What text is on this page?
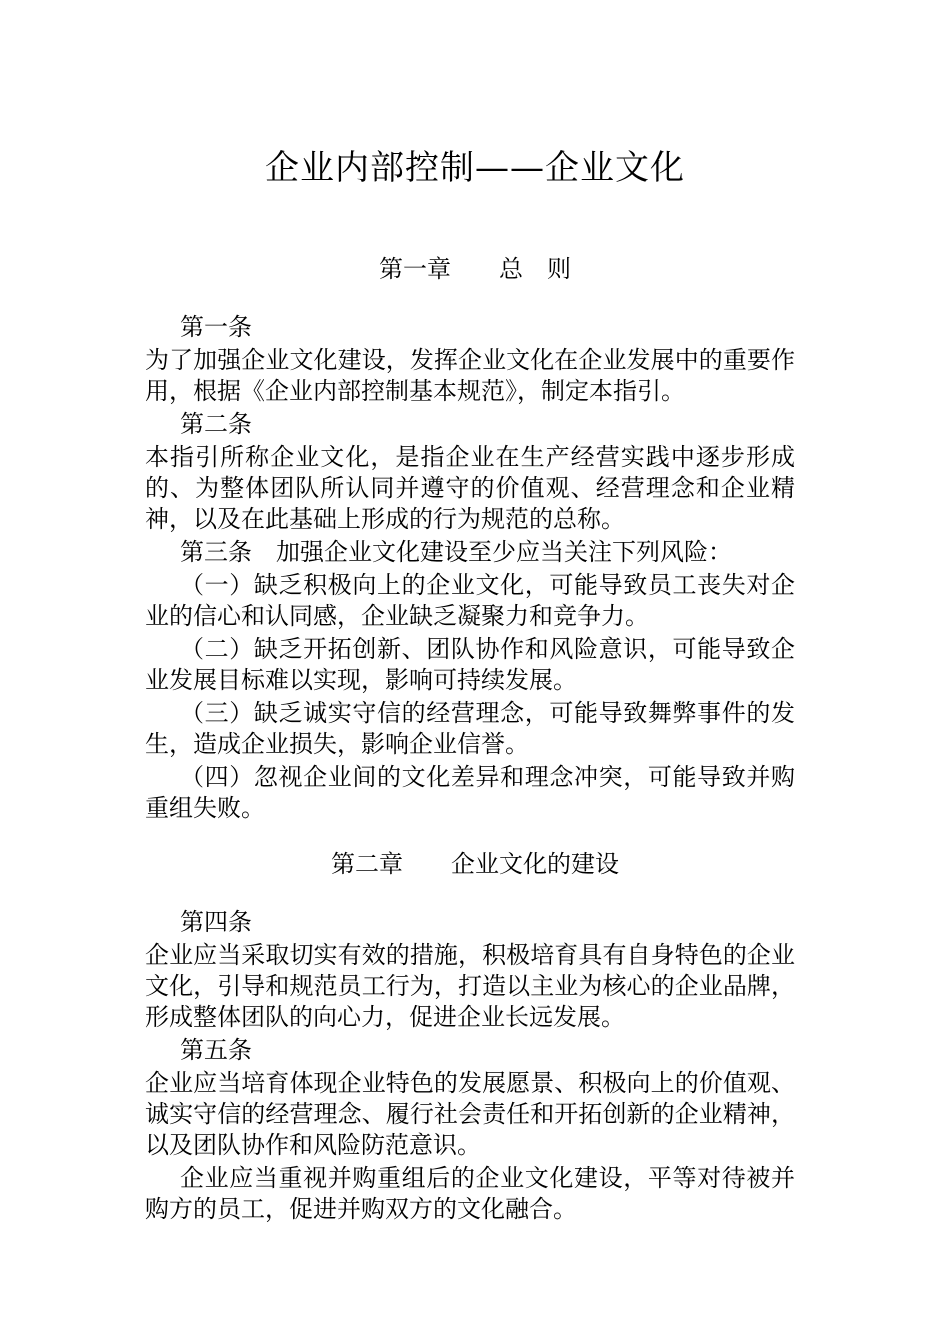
企业内部控制——企业文化
第一章　　总　则

第一条

为了加强企业文化建设，发挥企业文化在企业发展中的重要作用，根据《企业内部控制基本规范》，制定本指引。

第二条

本指引所称企业文化，是指企业在生产经营实践中逐步形成的、为整体团队所认同并遵守的价值观、经营理念和企业精神，以及在此基础上形成的行为规范的总称。

第三条　加强企业文化建设至少应当关注下列风险：

（一）缺乏积极向上的企业文化，可能导致员工丧失对企业的信心和认同感，企业缺乏凝聚力和竞争力。

（二）缺乏开拓创新、团队协作和风险意识，可能导致企业发展目标难以实现，影响可持续发展。

（三）缺乏诚实守信的经营理念，可能导致舞弊事件的发生，造成企业损失，影响企业信誉。

（四）忽视企业间的文化差异和理念冲突，可能导致并购重组失败。

第二章　　企业文化的建设

第四条

企业应当采取切实有效的措施，积极培育具有自身特色的企业文化，引导和规范员工行为，打造以主业为核心的企业品牌，形成整体团队的向心力，促进企业长远发展。

第五条

企业应当培育体现企业特色的发展愿景、积极向上的价值观、诚实守信的经营理念、履行社会责任和开拓创新的企业精神，以及团队协作和风险防范意识。

企业应当重视并购重组后的企业文化建设，平等对待被并购方的员工，促进并购双方的文化融合。
